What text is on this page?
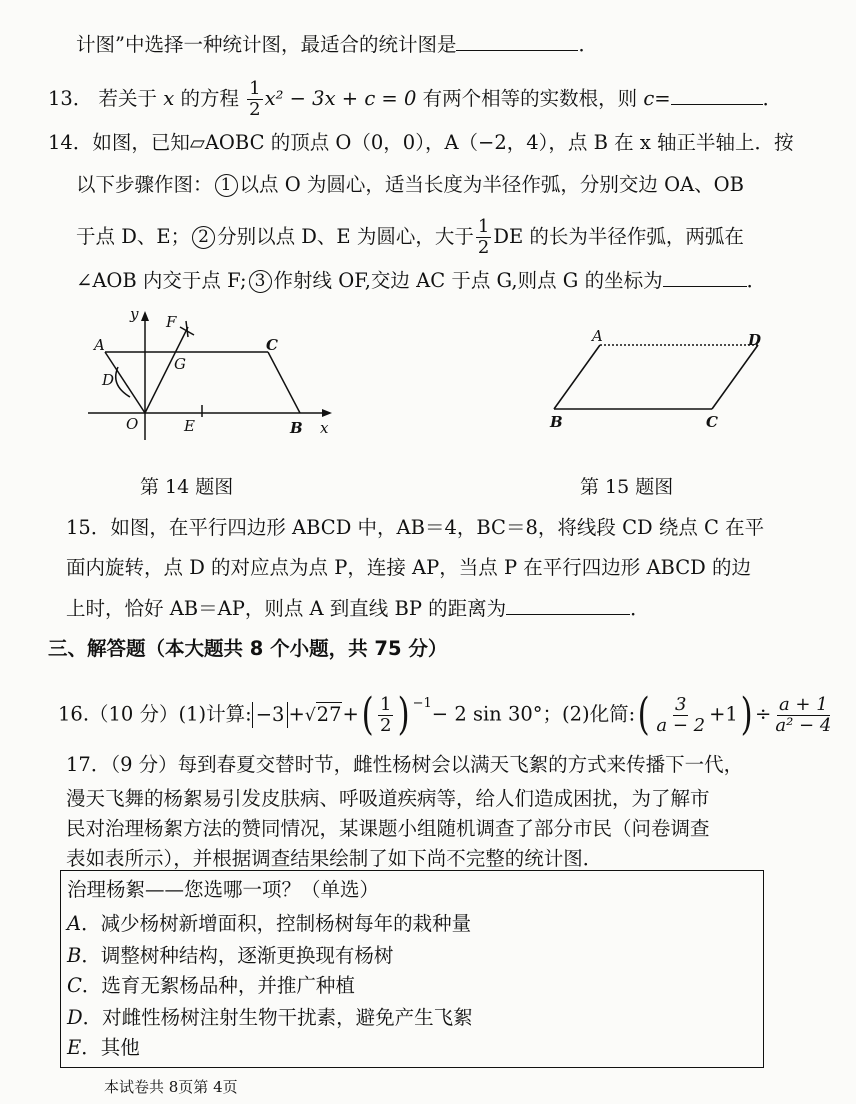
计图”中选择一种统计图，最适合的统计图是	．
13． 若关于 x 的方程 $\frac{1}{2} x^2 - 3x + c = 0$ 有两个相等的实数根，则 c=	．
14．如图，已知▱AOBC 的顶点 O（0，0），A（−2，4），点 B 在 x 轴正半轴上．按
以下步骤作图： 1 以点 O 为圆心，适当长度为半径作弧，分别交边 OA、OB
于点 D、E； 2 分别以点 D、E 为圆心，大于 $\frac{1}{2}$ DE 的长为半径作弧，两弧在
∠AOB 内交于点 F; 3 作射线 OF,交边 AC 于点 G,则点 G 的坐标为	．
y F
A	C
D
G
O	E	B x
第 14 题图
A	D
B	C
第 15 题图
15．如图，在平行四边形 ABCD 中，AB＝4，BC＝8，将线段 CD 绕点 C 在平
面内旋转，点 D 的对应点为点 P，连接 AP，当点 P 在平行四边形 ABCD 的边
上时，恰好 AB＝AP，则点 A 到直线 BP 的距离为	．
三、解答题（本大题共 8 个小题，共 75 分）
16.（10 分）(1)计算: $-3 +√27+( \frac{1}{2}$ ) $^{-1}$− 2 sin 30°；(2)化简:( $\frac{3}{a - 2} +1) \div \frac{a + 1}{\text{a² − 4}}$
17．（9 分）每到春夏交替时节，雌性杨树会以满天飞絮的方式来传播下一代，
漫天飞舞的杨絮易引发皮肤病、呼吸道疾病等，给人们造成困扰，为了解市
民对治理杨絮方法的赞同情况，某课题小组随机调查了部分市民（问卷调查
表如表所示），并根据调查结果绘制了如下尚不完整的统计图．
治理杨絮——您选哪一项？（单选）
A．减少杨树新增面积，控制杨树每年的栽种量
B．调整树种结构，逐渐更换现有杨树
C．选育无絮杨品种，并推广种植
D．对雌性杨树注射生物干扰素，避免产生飞絮
E．其他
本试卷共 8页第 4页
